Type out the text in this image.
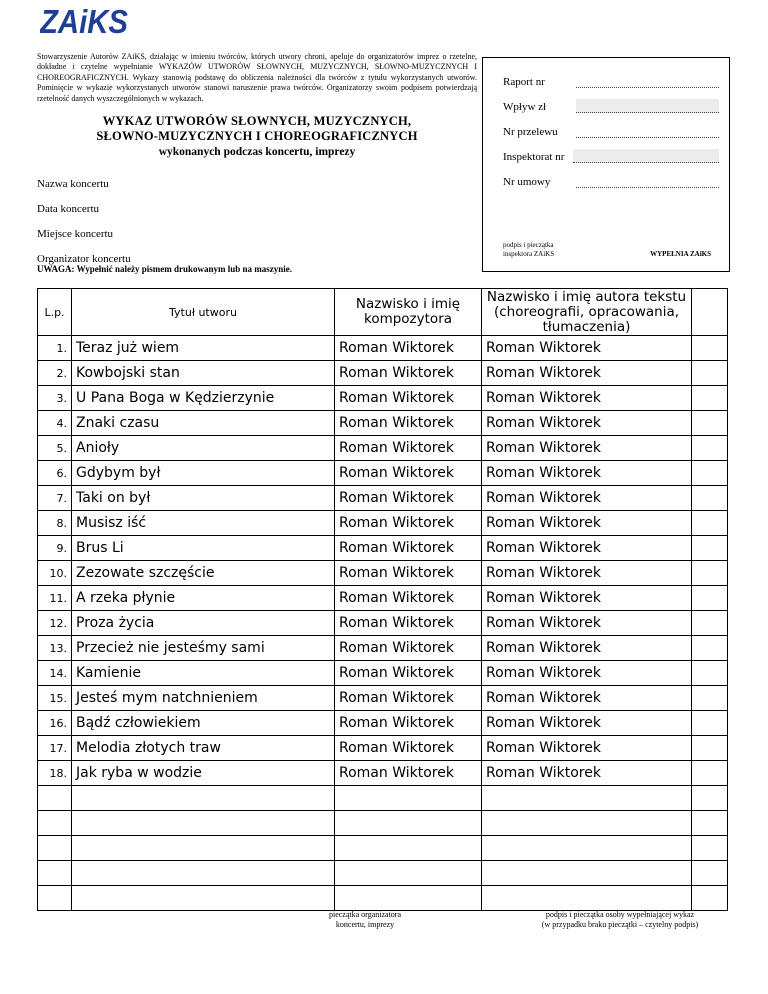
ZAiKS
Stowarzyszenie Autorów ZAiKS, działając w imieniu twórców, których utwory chroni, apeluje do organizatorów imprez o rzetelne, dokładne i czytelne wypełnianie WYKAZÓW UTWORÓW SŁOWNYCH, MUZYCZNYCH, SŁOWNO-MUZYCZNYCH I CHOREOGRAFICZNYCH. Wykazy stanowią podstawę do obliczenia należności dla twórców z tytułu wykorzystanych utworów. Pominięcie w wykazie wykorzystanych utworów stanowi naruszenie prawa twórców. Organizatorzy swoim podpisem potwierdzają rzetelność danych wyszczególnionych w wykazach.
WYKAZ UTWORÓW SŁOWNYCH, MUZYCZNYCH,
SŁOWNO-MUZYCZNYCH I CHOREOGRAFICZNYCH
wykonanych podczas koncertu, imprezy
Nazwa koncertu
Data koncertu
Miejsce koncertu
Organizator koncertu
UWAGA: Wypełnić należy pismem drukowanym lub na maszynie.
Raport nr
Wpływ zł
Nr przelewu
Inspektorat nr
Nr umowy
podpis i pieczątka
inspektora ZAiKS	WYPEŁNIA ZAiKS
L.p.	Tytuł utworu	Nazwisko i imię kompozytora	Nazwisko i imię autora tekstu (choreografii, opracowania, tłumaczenia)	
1.	Teraz już wiem	Roman Wiktorek	Roman Wiktorek	
2.	Kowbojski stan	Roman Wiktorek	Roman Wiktorek	
3.	U Pana Boga w Kędzierzynie	Roman Wiktorek	Roman Wiktorek	
4.	Znaki czasu	Roman Wiktorek	Roman Wiktorek	
5.	Anioły	Roman Wiktorek	Roman Wiktorek	
6.	Gdybym był	Roman Wiktorek	Roman Wiktorek	
7.	Taki on był	Roman Wiktorek	Roman Wiktorek	
8.	Musisz iść	Roman Wiktorek	Roman Wiktorek	
9.	Brus Li	Roman Wiktorek	Roman Wiktorek	
10.	Zezowate szczęście	Roman Wiktorek	Roman Wiktorek	
11.	A rzeka płynie	Roman Wiktorek	Roman Wiktorek	
12.	Proza życia	Roman Wiktorek	Roman Wiktorek	
13.	Przecież nie jesteśmy sami	Roman Wiktorek	Roman Wiktorek	
14.	Kamienie	Roman Wiktorek	Roman Wiktorek	
15.	Jesteś mym natchnieniem	Roman Wiktorek	Roman Wiktorek	
16.	Bądź człowiekiem	Roman Wiktorek	Roman Wiktorek	
17.	Melodia złotych traw	Roman Wiktorek	Roman Wiktorek	
18.	Jak ryba w wodzie	Roman Wiktorek	Roman Wiktorek	

pieczątka organizatora
koncertu, imprezy
podpis i pieczątka osoby wypełniającej wykaz
(w przypadku braku pieczątki – czytelny podpis)
